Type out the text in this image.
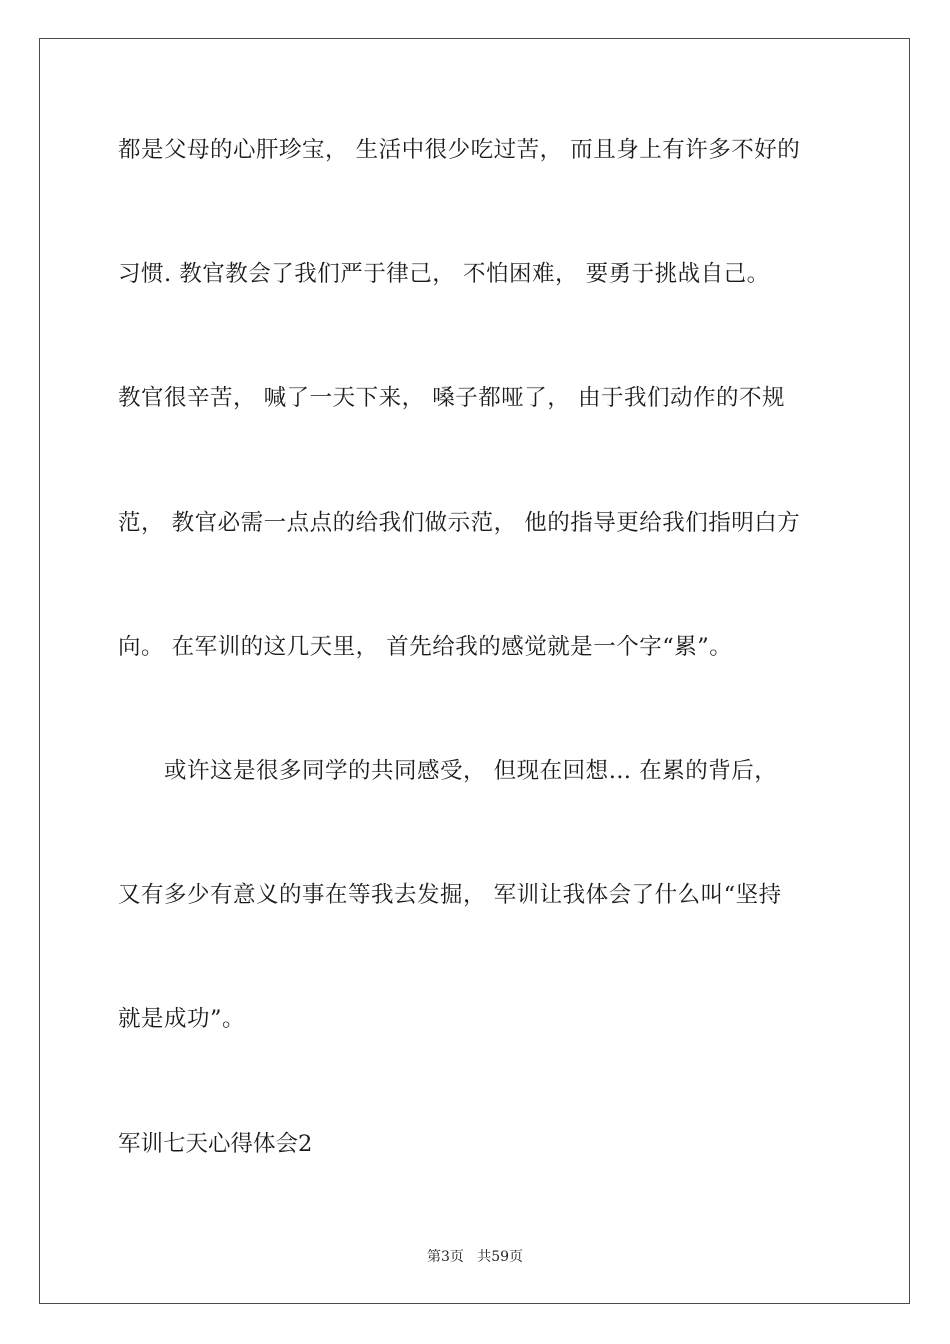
都是父母的心肝珍宝， 生活中很少吃过苦， 而且身上有许多不好的
习惯. 教官教会了我们严于律己， 不怕困难， 要勇于挑战自己。
教官很辛苦， 喊了一天下来， 嗓子都哑了， 由于我们动作的不规
范， 教官必需一点点的给我们做示范， 他的指导更给我们指明白方
向。 在军训的这几天里， 首先给我的感觉就是一个字“累”。
或许这是很多同学的共同感受， 但现在回想… 在累的背后，
又有多少有意义的事在等我去发掘， 军训让我体会了什么叫“坚持
就是成功”。
军训七天心得体会2
第3页   共59页
